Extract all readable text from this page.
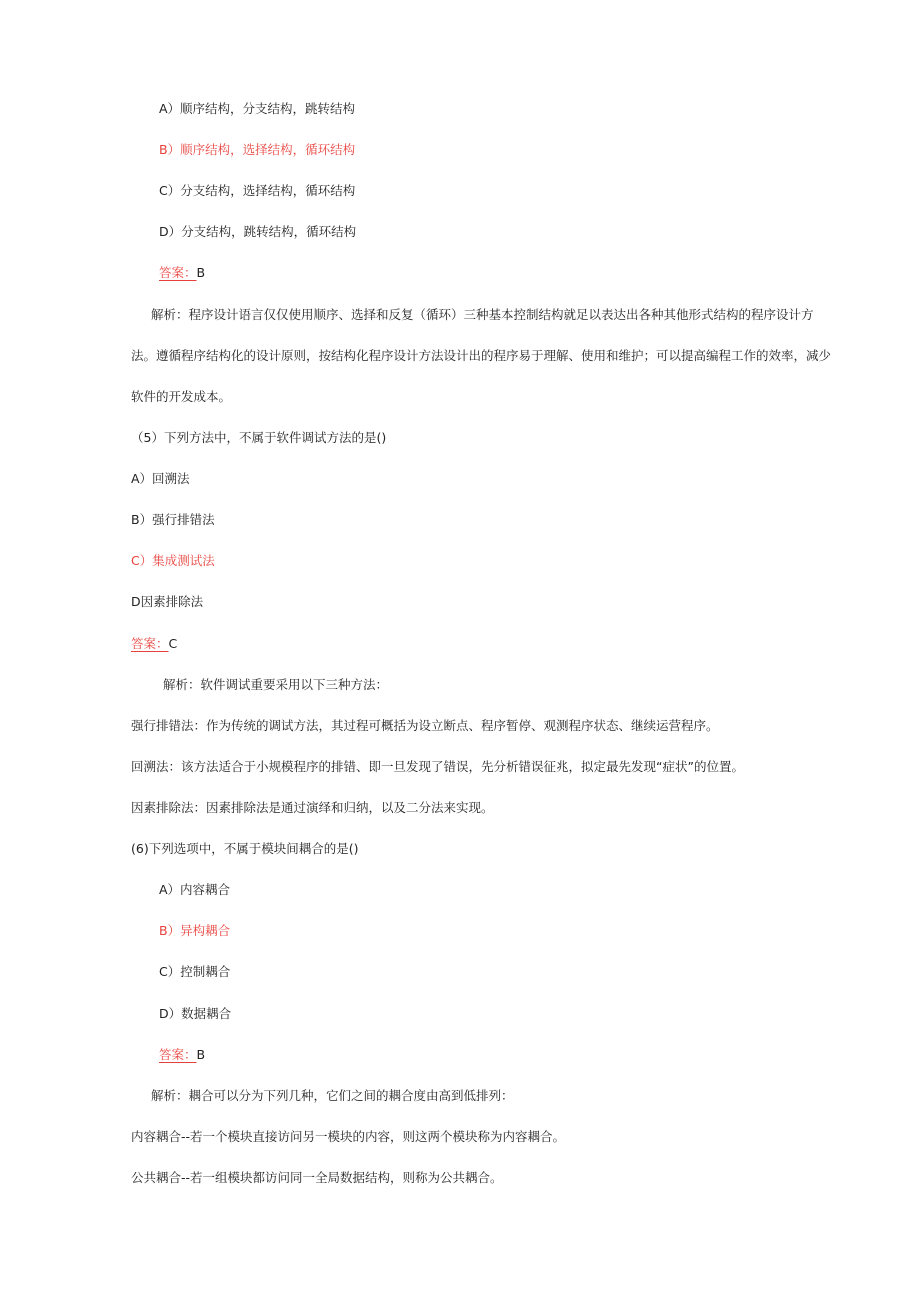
A）顺序结构，分支结构，跳转结构
B）顺序结构，选择结构，循环结构
C）分支结构，选择结构，循环结构
D）分支结构，跳转结构，循环结构
答案：B
解析：程序设计语言仅仅使用顺序、选择和反复（循环）三种基本控制结构就足以表达出各种其他形式结构的程序设计方法。遵循程序结构化的设计原则，按结构化程序设计方法设计出的程序易于理解、使用和维护；可以提高编程工作的效率，减少软件的开发成本。
（5）下列方法中，不属于软件调试方法的是()
A）回溯法
B）强行排错法
C）集成测试法
D因素排除法
答案：C
解析：软件调试重要采用以下三种方法：
强行排错法：作为传统的调试方法，其过程可概括为设立断点、程序暂停、观测程序状态、继续运营程序。
回溯法：该方法适合于小规模程序的排错、即一旦发现了错误，先分析错误征兆，拟定最先发现“症状”的位置。
因素排除法：因素排除法是通过演绎和归纳，以及二分法来实现。
(6)下列选项中，不属于模块间耦合的是()
A）内容耦合
B）异构耦合
C）控制耦合
D）数据耦合
答案：B
解析：耦合可以分为下列几种，它们之间的耦合度由高到低排列：
内容耦合--若一个模块直接访问另一模块的内容，则这两个模块称为内容耦合。
公共耦合--若一组模块都访问同一全局数据结构，则称为公共耦合。
